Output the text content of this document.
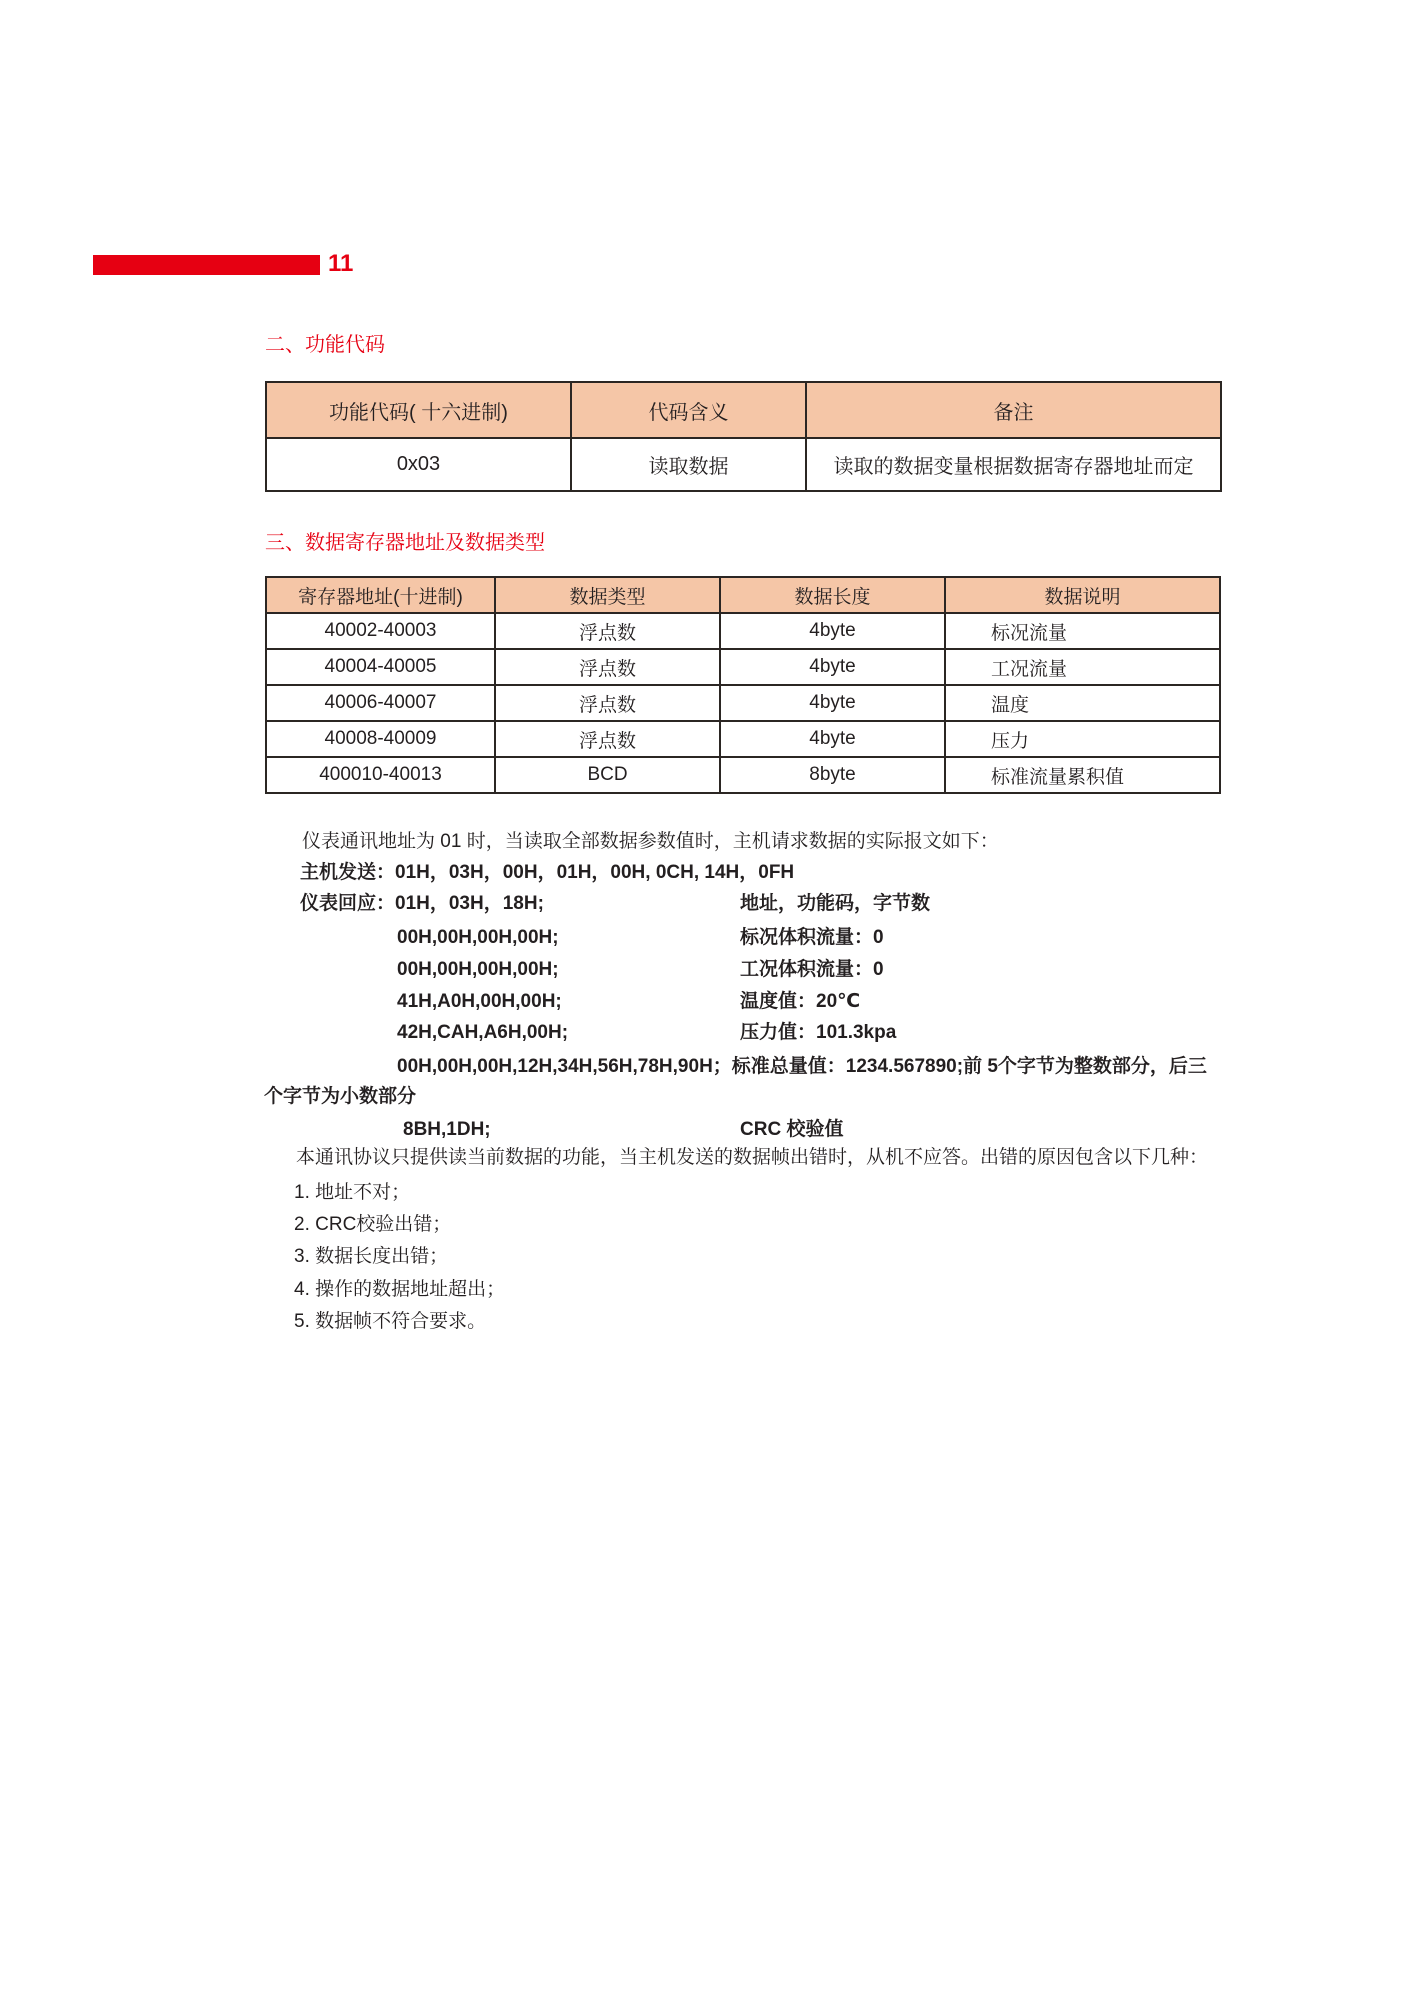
11
二、功能代码
功能代码( 十六进制)	代码含义	备注
0x03	读取数据	读取的数据变量根据数据寄存器地址而定
三、数据寄存器地址及数据类型
寄存器地址(十进制)	数据类型	数据长度	数据说明
40002-40003	浮点数	4byte	标况流量
40004-40005	浮点数	4byte	工况流量
40006-40007	浮点数	4byte	温度
40008-40009	浮点数	4byte	压力
400010-40013	BCD	8byte	标准流量累积值
仪表通讯地址为 01 时，当读取全部数据参数值时，主机请求数据的实际报文如下：
主机发送：01H，03H，00H，01H，00H, 0CH, 14H，0FH
仪表回应：01H，03H，18H;	地址，功能码，字节数
00H,00H,00H,00H;	标况体积流量：0
00H,00H,00H,00H;	工况体积流量：0
41H,A0H,00H,00H;	温度值：20℃
42H,CAH,A6H,00H;	压力值：101.3kpa
00H,00H,00H,12H,34H,56H,78H,90H；标准总量值：1234.567890;前 5个字节为整数部分，后三
个字节为小数部分
8BH,1DH;	CRC 校验值
本通讯协议只提供读当前数据的功能，当主机发送的数据帧出错时，从机不应答。出错的原因包含以下几种：
1. 地址不对；
2. CRC校验出错；
3. 数据长度出错；
4. 操作的数据地址超出；
5. 数据帧不符合要求。
